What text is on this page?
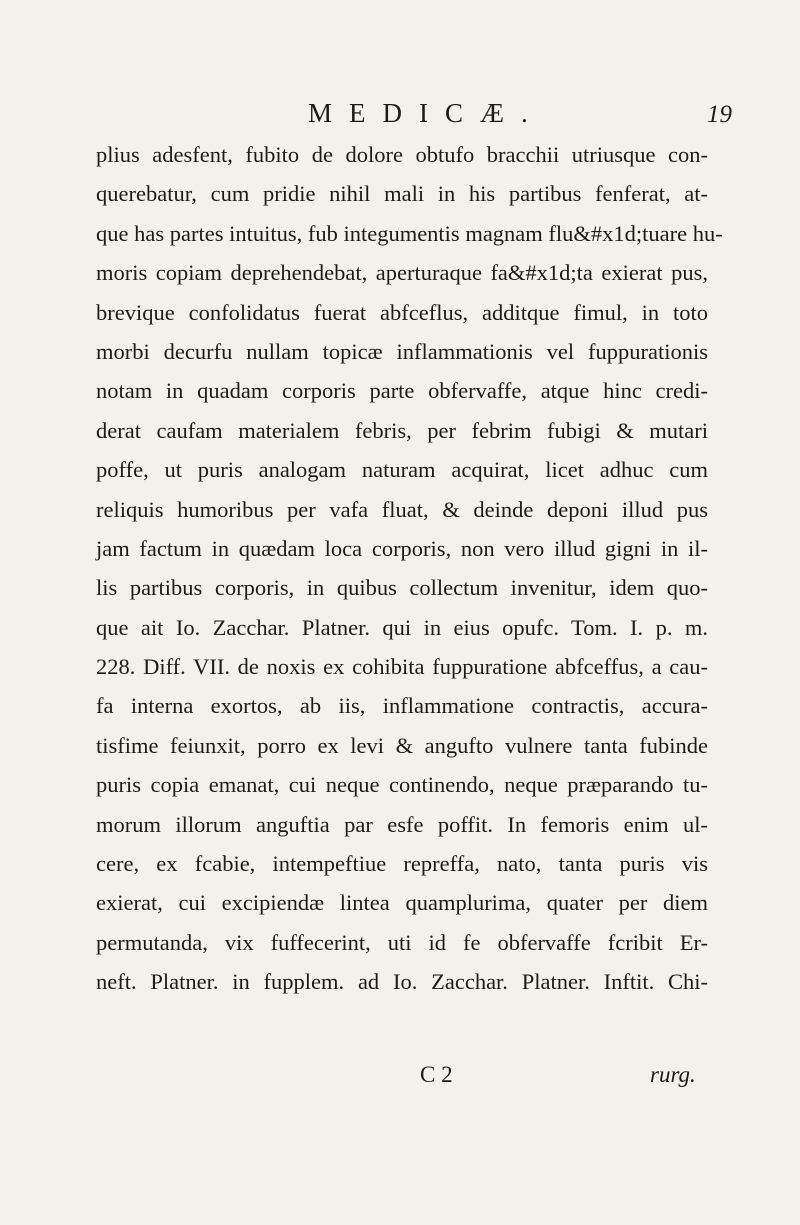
MEDICÆ.	19
plius adesfent, fubito de dolore obtufo bracchii utriusque con-
querebatur, cum pridie nihil mali in his partibus fenferat, at-
que has partes intuitus, fub integumentis magnam flu&#x1d;tuare hu-
moris copiam deprehendebat, aperturaque fa&#x1d;ta exierat pus,
brevique confolidatus fuerat abfceflus, additque fimul, in toto
morbi decurfu nullam topicæ inflammationis vel fuppurationis
notam in quadam corporis parte obfervaffe, atque hinc credi-
derat caufam materialem febris, per febrim fubigi & mutari
poffe, ut puris analogam naturam acquirat, licet adhuc cum
reliquis humoribus per vafa fluat, & deinde deponi illud pus
jam factum in quædam loca corporis, non vero illud gigni in il-
lis partibus corporis, in quibus collectum invenitur, idem quo-
que ait Io. Zacchar. Platner. qui in eius opufc. Tom. I. p. m.
228. Diff. VII. de noxis ex cohibita fuppuratione abfceffus, a cau-
fa interna exortos, ab iis, inflammatione contractis, accura-
tisfime feiunxit, porro ex levi & angufto vulnere tanta fubinde
puris copia emanat, cui neque continendo, neque præparando tu-
morum illorum anguftia par esfe poffit. In femoris enim ul-
cere, ex fcabie, intempeftiue repreffa, nato, tanta puris vis
exierat, cui excipiendæ lintea quamplurima, quater per diem
permutanda, vix fuffecerint, uti id fe obfervaffe fcribit Er-
neft. Platner. in fupplem. ad Io. Zacchar. Platner. Inftit. Chi-
C 2	rurg.
